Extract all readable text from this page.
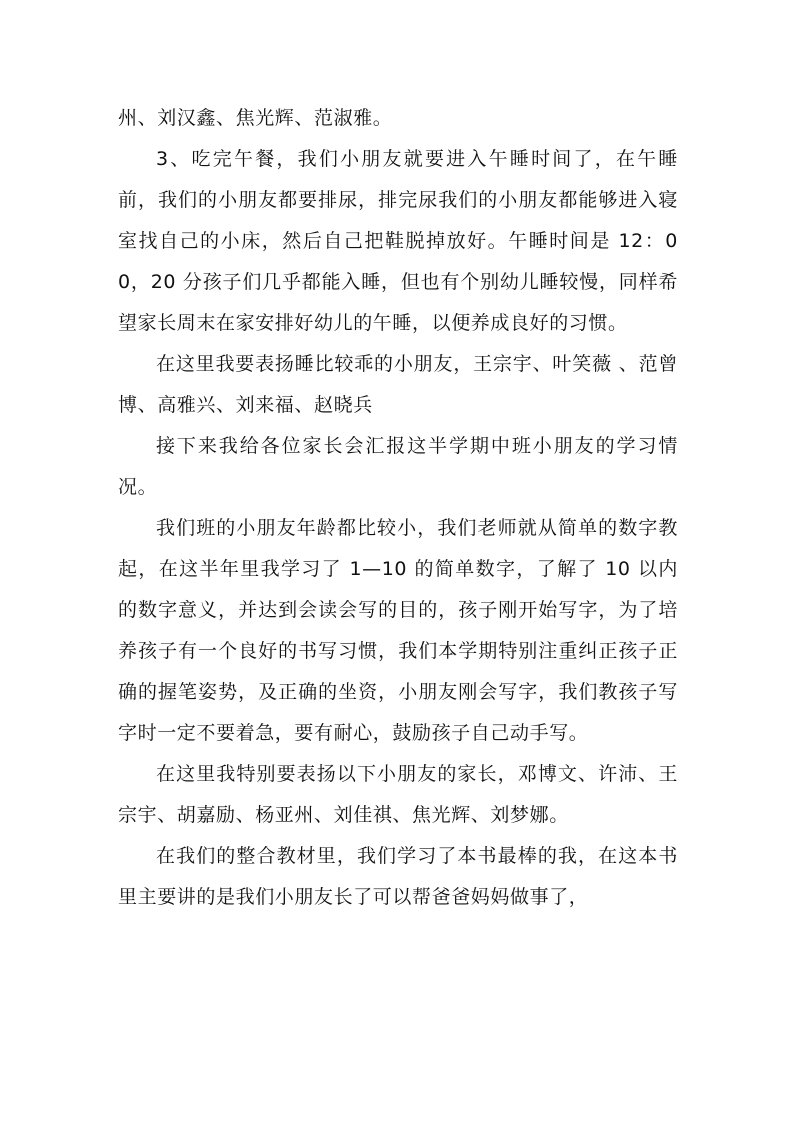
州、刘汉鑫、焦光辉、范淑雅。

3、吃完午餐，我们小朋友就要进入午睡时间了，在午睡前，我们的小朋友都要排尿，排完尿我们的小朋友都能够进入寝室找自己的小床，然后自己把鞋脱掉放好。午睡时间是 12：00，20 分孩子们几乎都能入睡，但也有个别幼儿睡较慢，同样希望家长周末在家安排好幼儿的午睡，以便养成良好的习惯。

在这里我要表扬睡比较乖的小朋友，王宗宇、叶笑薇 、范曾博、高雅兴、刘来福、赵晓兵

接下来我给各位家长会汇报这半学期中班小朋友的学习情况。

我们班的小朋友年龄都比较小，我们老师就从简单的数字教起，在这半年里我学习了 1—10 的简单数字，了解了 10 以内的数字意义，并达到会读会写的目的，孩子刚开始写字，为了培养孩子有一个良好的书写习惯，我们本学期特别注重纠正孩子正确的握笔姿势，及正确的坐资，小朋友刚会写字，我们教孩子写字时一定不要着急，要有耐心，鼓励孩子自己动手写。

在这里我特别要表扬以下小朋友的家长，邓博文、许沛、王宗宇、胡嘉励、杨亚州、刘佳祺、焦光辉、刘梦娜。

在我们的整合教材里，我们学习了本书最棒的我，在这本书里主要讲的是我们小朋友长了可以帮爸爸妈妈做事了，
